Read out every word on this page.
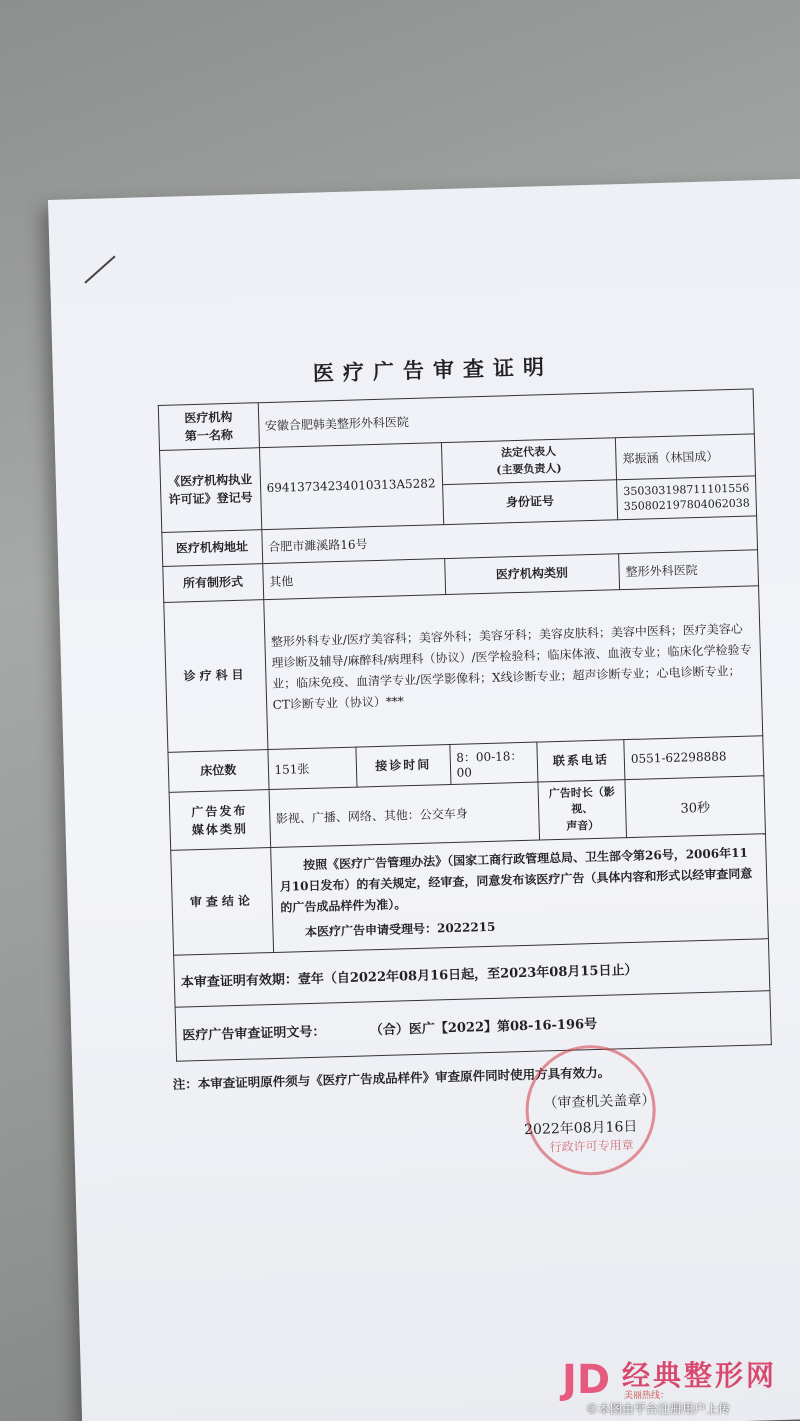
医疗广告审查证明
医疗机构
第一名称	安徽合肥韩美整形外科医院				
《医疗机构执业
许可证》登记号	69413734234010313A5282		法定代表人
(主要负责人)		郑振涵（林国成）
			身份证号		350303198711101556
350802197804062038
医疗机构地址	合肥市濉溪路16号				
所有制形式	其他		医疗机构类别		整形外科医院
诊疗科目	整形外科专业/医疗美容科；美容外科；美容牙科；美容皮肤科；美容中医科；医疗美容心理诊断及辅导/麻醉科/病理科（协议）/医学检验科；临床体液、血液专业；临床化学检验专业；临床免疫、血清学专业/医学影像科；X线诊断专业；超声诊断专业；心电诊断专业；CT诊断专业（协议）***				
床位数	151张	接诊时间	8：00-18：00	联系电话	0551-62298888
广告发布
媒体类别	影视、广播、网络、其他：公交车身			广告时长（影视、
声音）	30秒
审查结论	按照《医疗广告管理办法》（国家工商行政管理总局、卫生部令第26号，2006年11月10日发布）的有关规定，经审查，同意发布该医疗广告（具体内容和形式以经审查同意的广告成品样件为准）。
本医疗广告申请受理号：2022215				

本审查证明有效期：壹年（自2022年08月16日起，至2023年08月15日止）					
医疗广告审查证明文号： （合）医广【2022】第08-16-196号					
注：本审查证明原件须与《医疗广告成品样件》审查原件同时使用方具有效力。
行政许可专用章
（审查机关盖章）
2022年08月16日
JD 经典整形网
美丽热线：
©本图由平台注册用户上传
